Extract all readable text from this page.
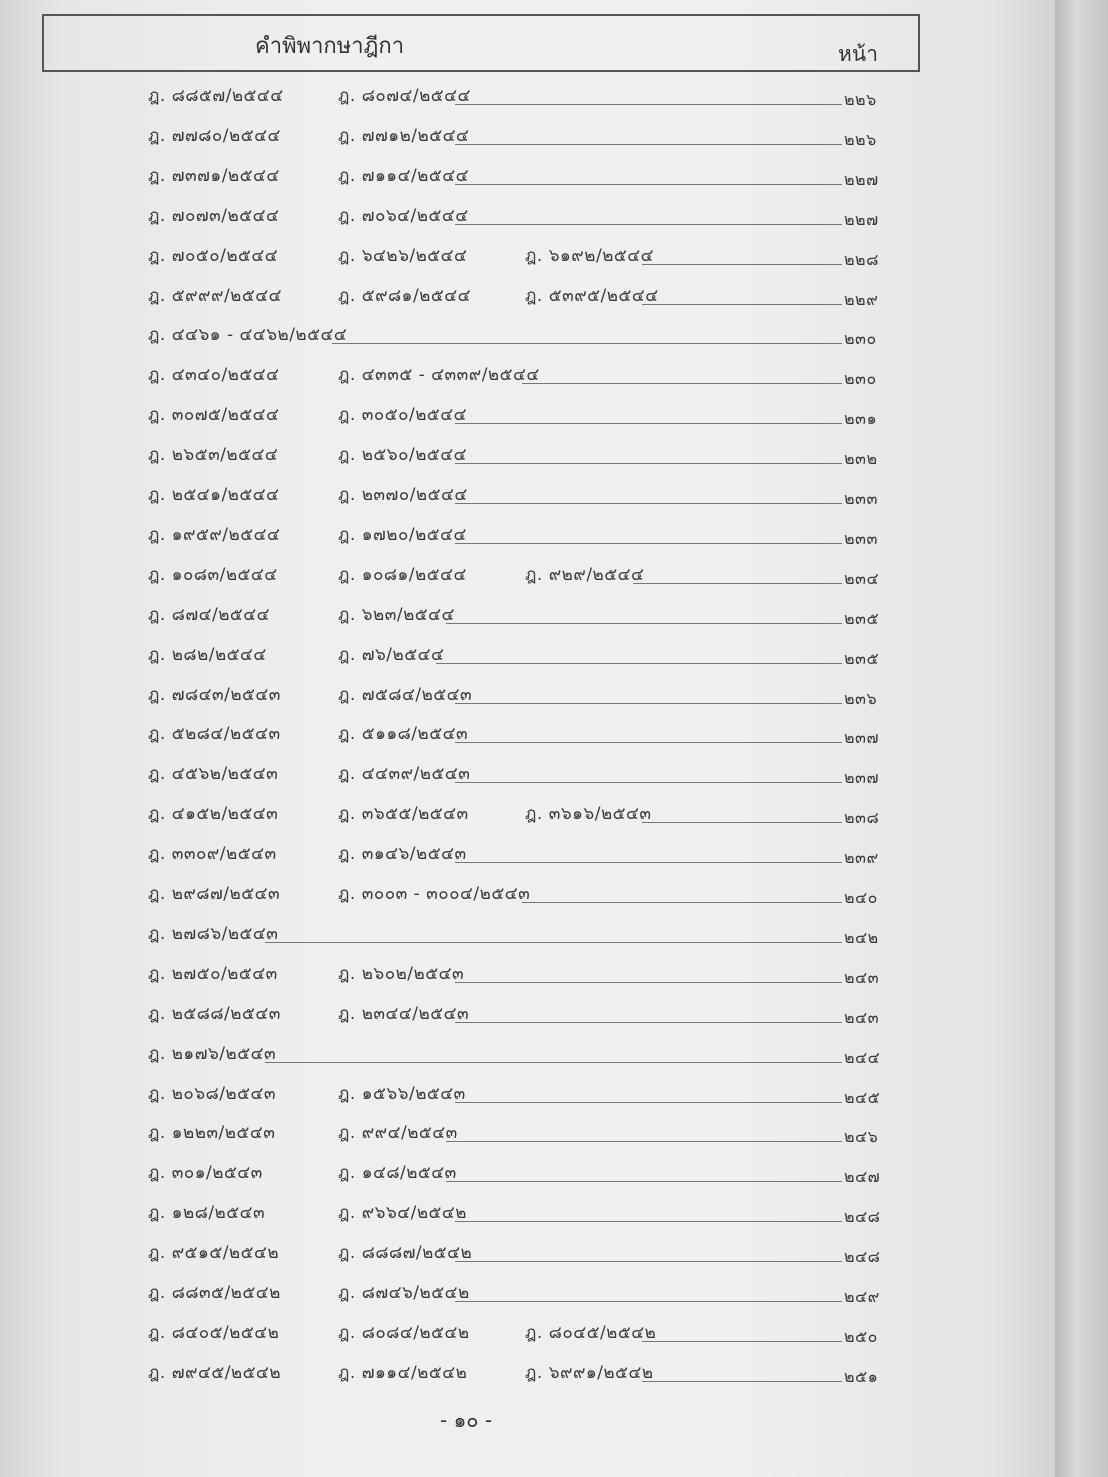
คำพิพากษาฎีกา	หน้า
ฎ. ๘๘๕๗/๒๕๔๔	ฎ. ๘๐๗๔/๒๕๔๔	๒๒๖
ฎ. ๗๗๘๐/๒๕๔๔	ฎ. ๗๗๑๒/๒๕๔๔	๒๒๖
ฎ. ๗๓๗๑/๒๕๔๔	ฎ. ๗๑๑๔/๒๕๔๔	๒๒๗
ฎ. ๗๐๗๓/๒๕๔๔	ฎ. ๗๐๖๔/๒๕๔๔	๒๒๗
ฎ. ๗๐๕๐/๒๕๔๔	ฎ. ๖๔๒๖/๒๕๔๔	ฎ. ๖๑๙๒/๒๕๔๔	๒๒๘
ฎ. ๕๙๙๙/๒๕๔๔	ฎ. ๕๙๘๑/๒๕๔๔	ฎ. ๕๓๙๕/๒๕๔๔	๒๒๙
ฎ. ๔๔๖๑ - ๔๔๖๒/๒๕๔๔	๒๓๐
ฎ. ๔๓๔๐/๒๕๔๔	ฎ. ๔๓๓๕ - ๔๓๓๙/๒๕๔๔	๒๓๐
ฎ. ๓๐๗๕/๒๕๔๔	ฎ. ๓๐๕๐/๒๕๔๔	๒๓๑
ฎ. ๒๖๕๓/๒๕๔๔	ฎ. ๒๕๖๐/๒๕๔๔	๒๓๒
ฎ. ๒๕๔๑/๒๕๔๔	ฎ. ๒๓๗๐/๒๕๔๔	๒๓๓
ฎ. ๑๙๕๙/๒๕๔๔	ฎ. ๑๗๒๐/๒๕๔๔	๒๓๓
ฎ. ๑๐๘๓/๒๕๔๔	ฎ. ๑๐๘๑/๒๕๔๔	ฎ. ๙๒๙/๒๕๔๔	๒๓๔
ฎ. ๘๗๔/๒๕๔๔	ฎ. ๖๒๓/๒๕๔๔	๒๓๕
ฎ. ๒๘๒/๒๕๔๔	ฎ. ๗๖/๒๕๔๔	๒๓๕
ฎ. ๗๘๔๓/๒๕๔๓	ฎ. ๗๕๘๔/๒๕๔๓	๒๓๖
ฎ. ๕๒๘๔/๒๕๔๓	ฎ. ๕๑๑๘/๒๕๔๓	๒๓๗
ฎ. ๔๕๖๒/๒๕๔๓	ฎ. ๔๔๓๙/๒๕๔๓	๒๓๗
ฎ. ๔๑๕๒/๒๕๔๓	ฎ. ๓๖๕๕/๒๕๔๓	ฎ. ๓๖๑๖/๒๕๔๓	๒๓๘
ฎ. ๓๓๐๙/๒๕๔๓	ฎ. ๓๑๔๖/๒๕๔๓	๒๓๙
ฎ. ๒๙๘๗/๒๕๔๓	ฎ. ๓๐๐๓ - ๓๐๐๔/๒๕๔๓	๒๔๐
ฎ. ๒๗๘๖/๒๕๔๓	๒๔๒
ฎ. ๒๗๕๐/๒๕๔๓	ฎ. ๒๖๐๒/๒๕๔๓	๒๔๓
ฎ. ๒๕๘๘/๒๕๔๓	ฎ. ๒๓๔๔/๒๕๔๓	๒๔๓
ฎ. ๒๑๗๖/๒๕๔๓	๒๔๔
ฎ. ๒๐๖๘/๒๕๔๓	ฎ. ๑๕๖๖/๒๕๔๓	๒๔๕
ฎ. ๑๒๒๓/๒๕๔๓	ฎ. ๙๙๔/๒๕๔๓	๒๔๖
ฎ. ๓๐๑/๒๕๔๓	ฎ. ๑๔๘/๒๕๔๓	๒๔๗
ฎ. ๑๒๘/๒๕๔๓	ฎ. ๙๖๖๔/๒๕๔๒	๒๔๘
ฎ. ๙๕๑๕/๒๕๔๒	ฎ. ๘๘๘๗/๒๕๔๒	๒๔๘
ฎ. ๘๘๓๕/๒๕๔๒	ฎ. ๘๗๔๖/๒๕๔๒	๒๔๙
ฎ. ๘๔๐๕/๒๕๔๒	ฎ. ๘๐๘๔/๒๕๔๒	ฎ. ๘๐๔๕/๒๕๔๒	๒๕๐
ฎ. ๗๙๔๕/๒๕๔๒	ฎ. ๗๑๑๔/๒๕๔๒	ฎ. ๖๙๙๑/๒๕๔๒	๒๕๑
- ๑๐ -
